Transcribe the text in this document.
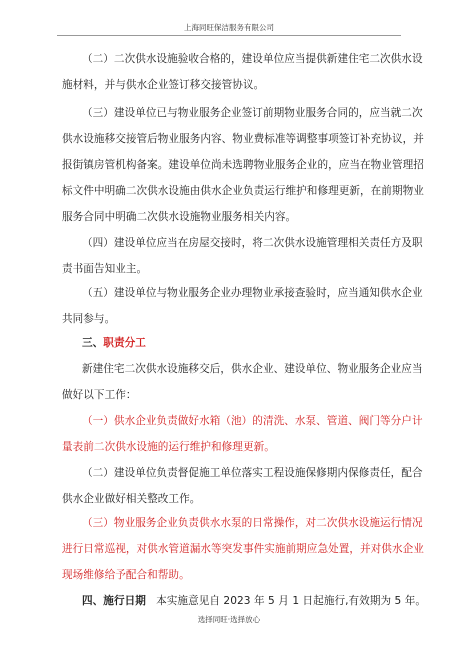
上海同旺保洁服务有限公司
（二）二次供水设施验收合格的，建设单位应当提供新建住宅二次供水设
施材料，并与供水企业签订移交接管协议。
（三）建设单位已与物业服务企业签订前期物业服务合同的，应当就二次
供水设施移交接管后物业服务内容、物业费标准等调整事项签订补充协议，并
报街镇房管机构备案。建设单位尚未选聘物业服务企业的，应当在物业管理招
标文件中明确二次供水设施由供水企业负责运行维护和修理更新，在前期物业
服务合同中明确二次供水设施物业服务相关内容。
（四）建设单位应当在房屋交接时，将二次供水设施管理相关责任方及职
责书面告知业主。
（五）建设单位与物业服务企业办理物业承接查验时，应当通知供水企业
共同参与。
三、职责分工
新建住宅二次供水设施移交后，供水企业、建设单位、物业服务企业应当
做好以下工作：
（一）供水企业负责做好水箱（池）的清洗、水泵、管道、阀门等分户计
量表前二次供水设施的运行维护和修理更新。
（二）建设单位负责督促施工单位落实工程设施保修期内保修责任，配合
供水企业做好相关整改工作。
（三）物业服务企业负责供水水泵的日常操作，对二次供水设施运行情况
进行日常巡视，对供水管道漏水等突发事件实施前期应急处置，并对供水企业
现场维修给予配合和帮助。
四、施行日期 本实施意见自 2023 年 5 月 1 日起施行,有效期为 5 年。
选择同旺·选择放心
